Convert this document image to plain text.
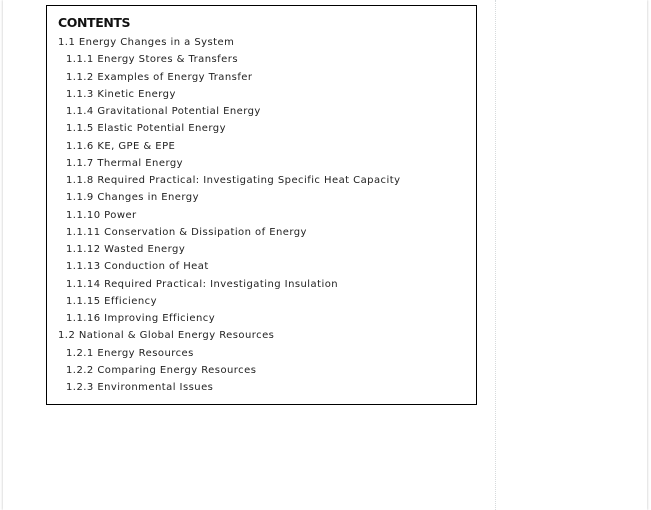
CONTENTS
1.1 Energy Changes in a System
1.1.1 Energy Stores & Transfers
1.1.2 Examples of Energy Transfer
1.1.3 Kinetic Energy
1.1.4 Gravitational Potential Energy
1.1.5 Elastic Potential Energy
1.1.6 KE, GPE & EPE
1.1.7 Thermal Energy
1.1.8 Required Practical: Investigating Specific Heat Capacity
1.1.9 Changes in Energy
1.1.10 Power
1.1.11 Conservation & Dissipation of Energy
1.1.12 Wasted Energy
1.1.13 Conduction of Heat
1.1.14 Required Practical: Investigating Insulation
1.1.15 Efficiency
1.1.16 Improving Efficiency
1.2 National & Global Energy Resources
1.2.1 Energy Resources
1.2.2 Comparing Energy Resources
1.2.3 Environmental Issues
